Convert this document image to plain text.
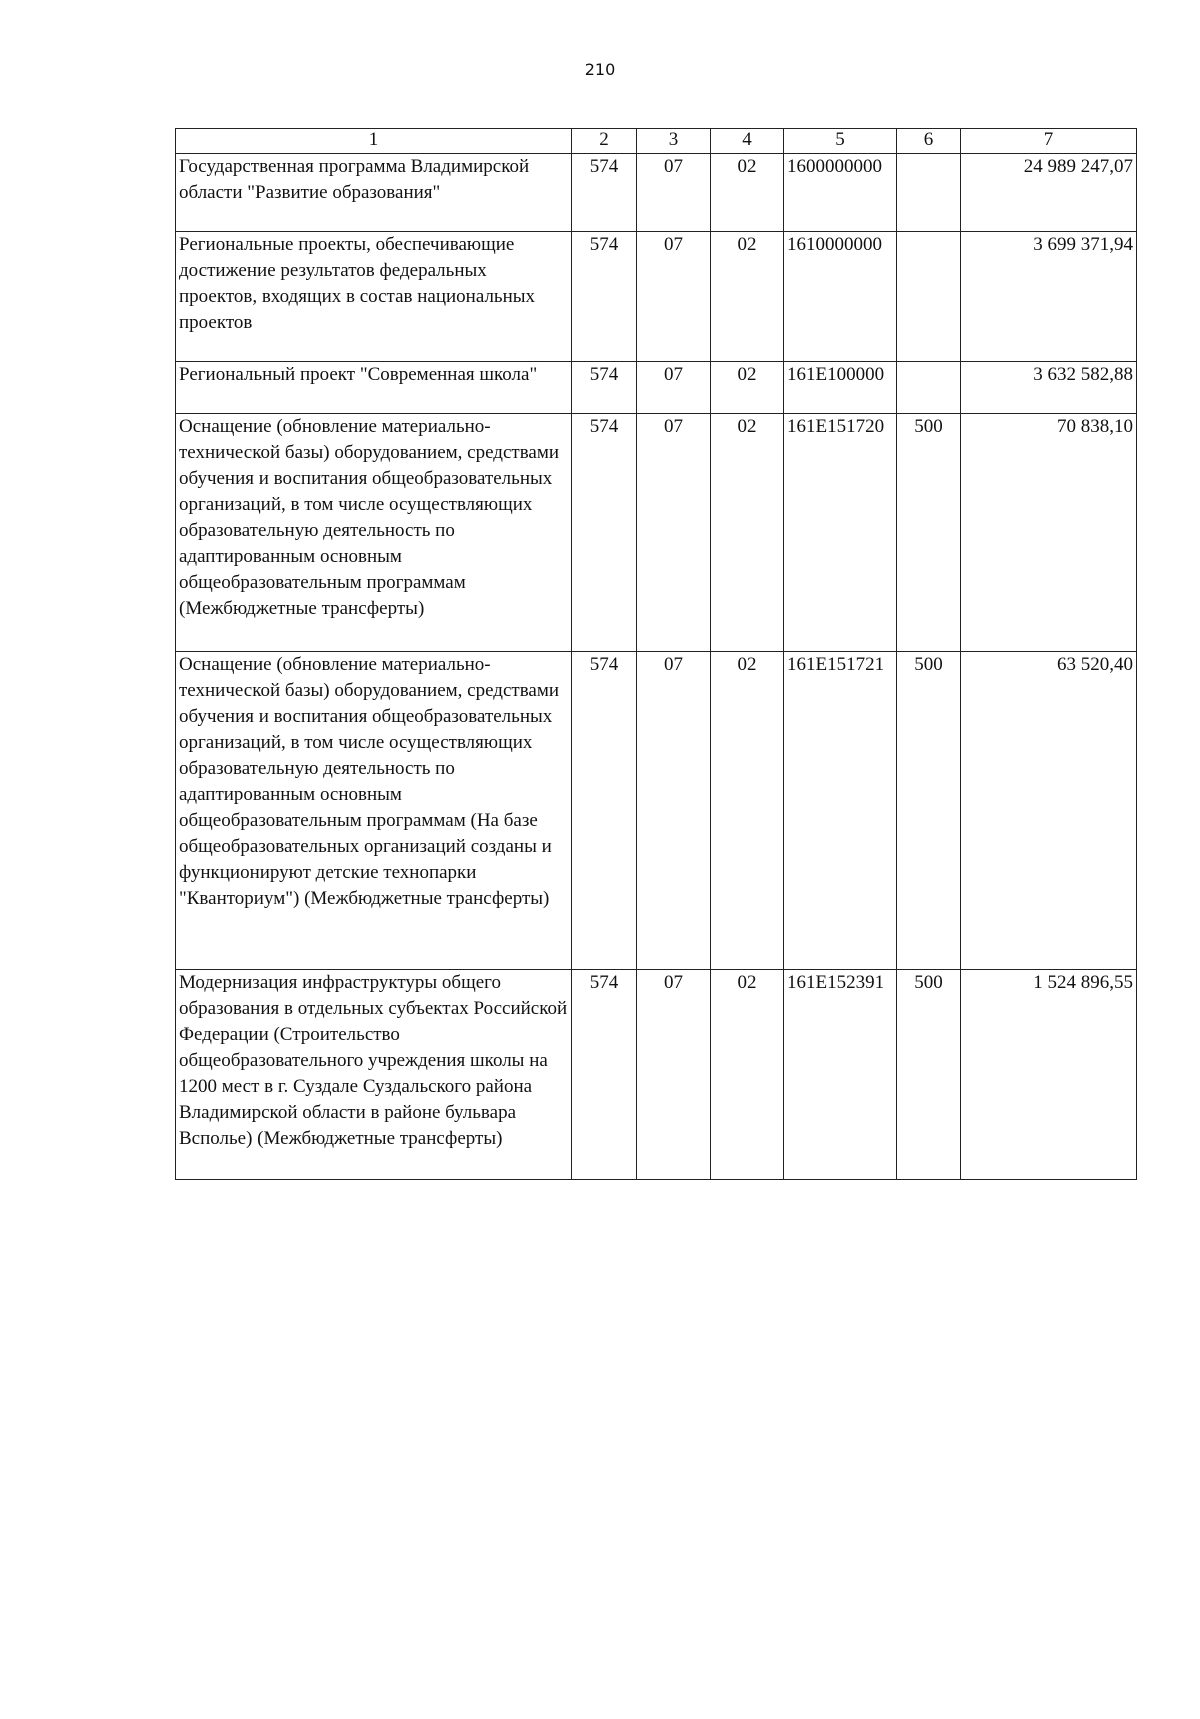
210
1	2	3	4	5	6	7
Государственная программа Владимирской области "Развитие образования"	574	07	02	1600000000		24 989 247,07
Региональные проекты, обеспечивающие достижение результатов федеральных проектов, входящих в состав национальных проектов	574	07	02	1610000000		3 699 371,94
Региональный проект "Современная школа"	574	07	02	161E100000		3 632 582,88
Оснащение (обновление материально-технической базы) оборудованием, средствами обучения и воспитания общеобразовательных организаций, в том числе осуществляющих образовательную деятельность по адаптированным основным общеобразовательным программам (Межбюджетные трансферты)	574	07	02	161E151720	500	70 838,10
Оснащение (обновление материально-технической базы) оборудованием, средствами обучения и воспитания общеобразовательных организаций, в том числе осуществляющих образовательную деятельность по адаптированным основным общеобразовательным программам (На базе общеобразовательных организаций созданы и функционируют детские технопарки "Кванториум") (Межбюджетные трансферты)	574	07	02	161E151721	500	63 520,40
Модернизация инфраструктуры общего образования в отдельных субъектах Российской Федерации (Строительство общеобразовательного учреждения школы на 1200 мест в г. Суздале Суздальского района Владимирской области в районе бульвара Всполье) (Межбюджетные трансферты)	574	07	02	161E152391	500	1 524 896,55
